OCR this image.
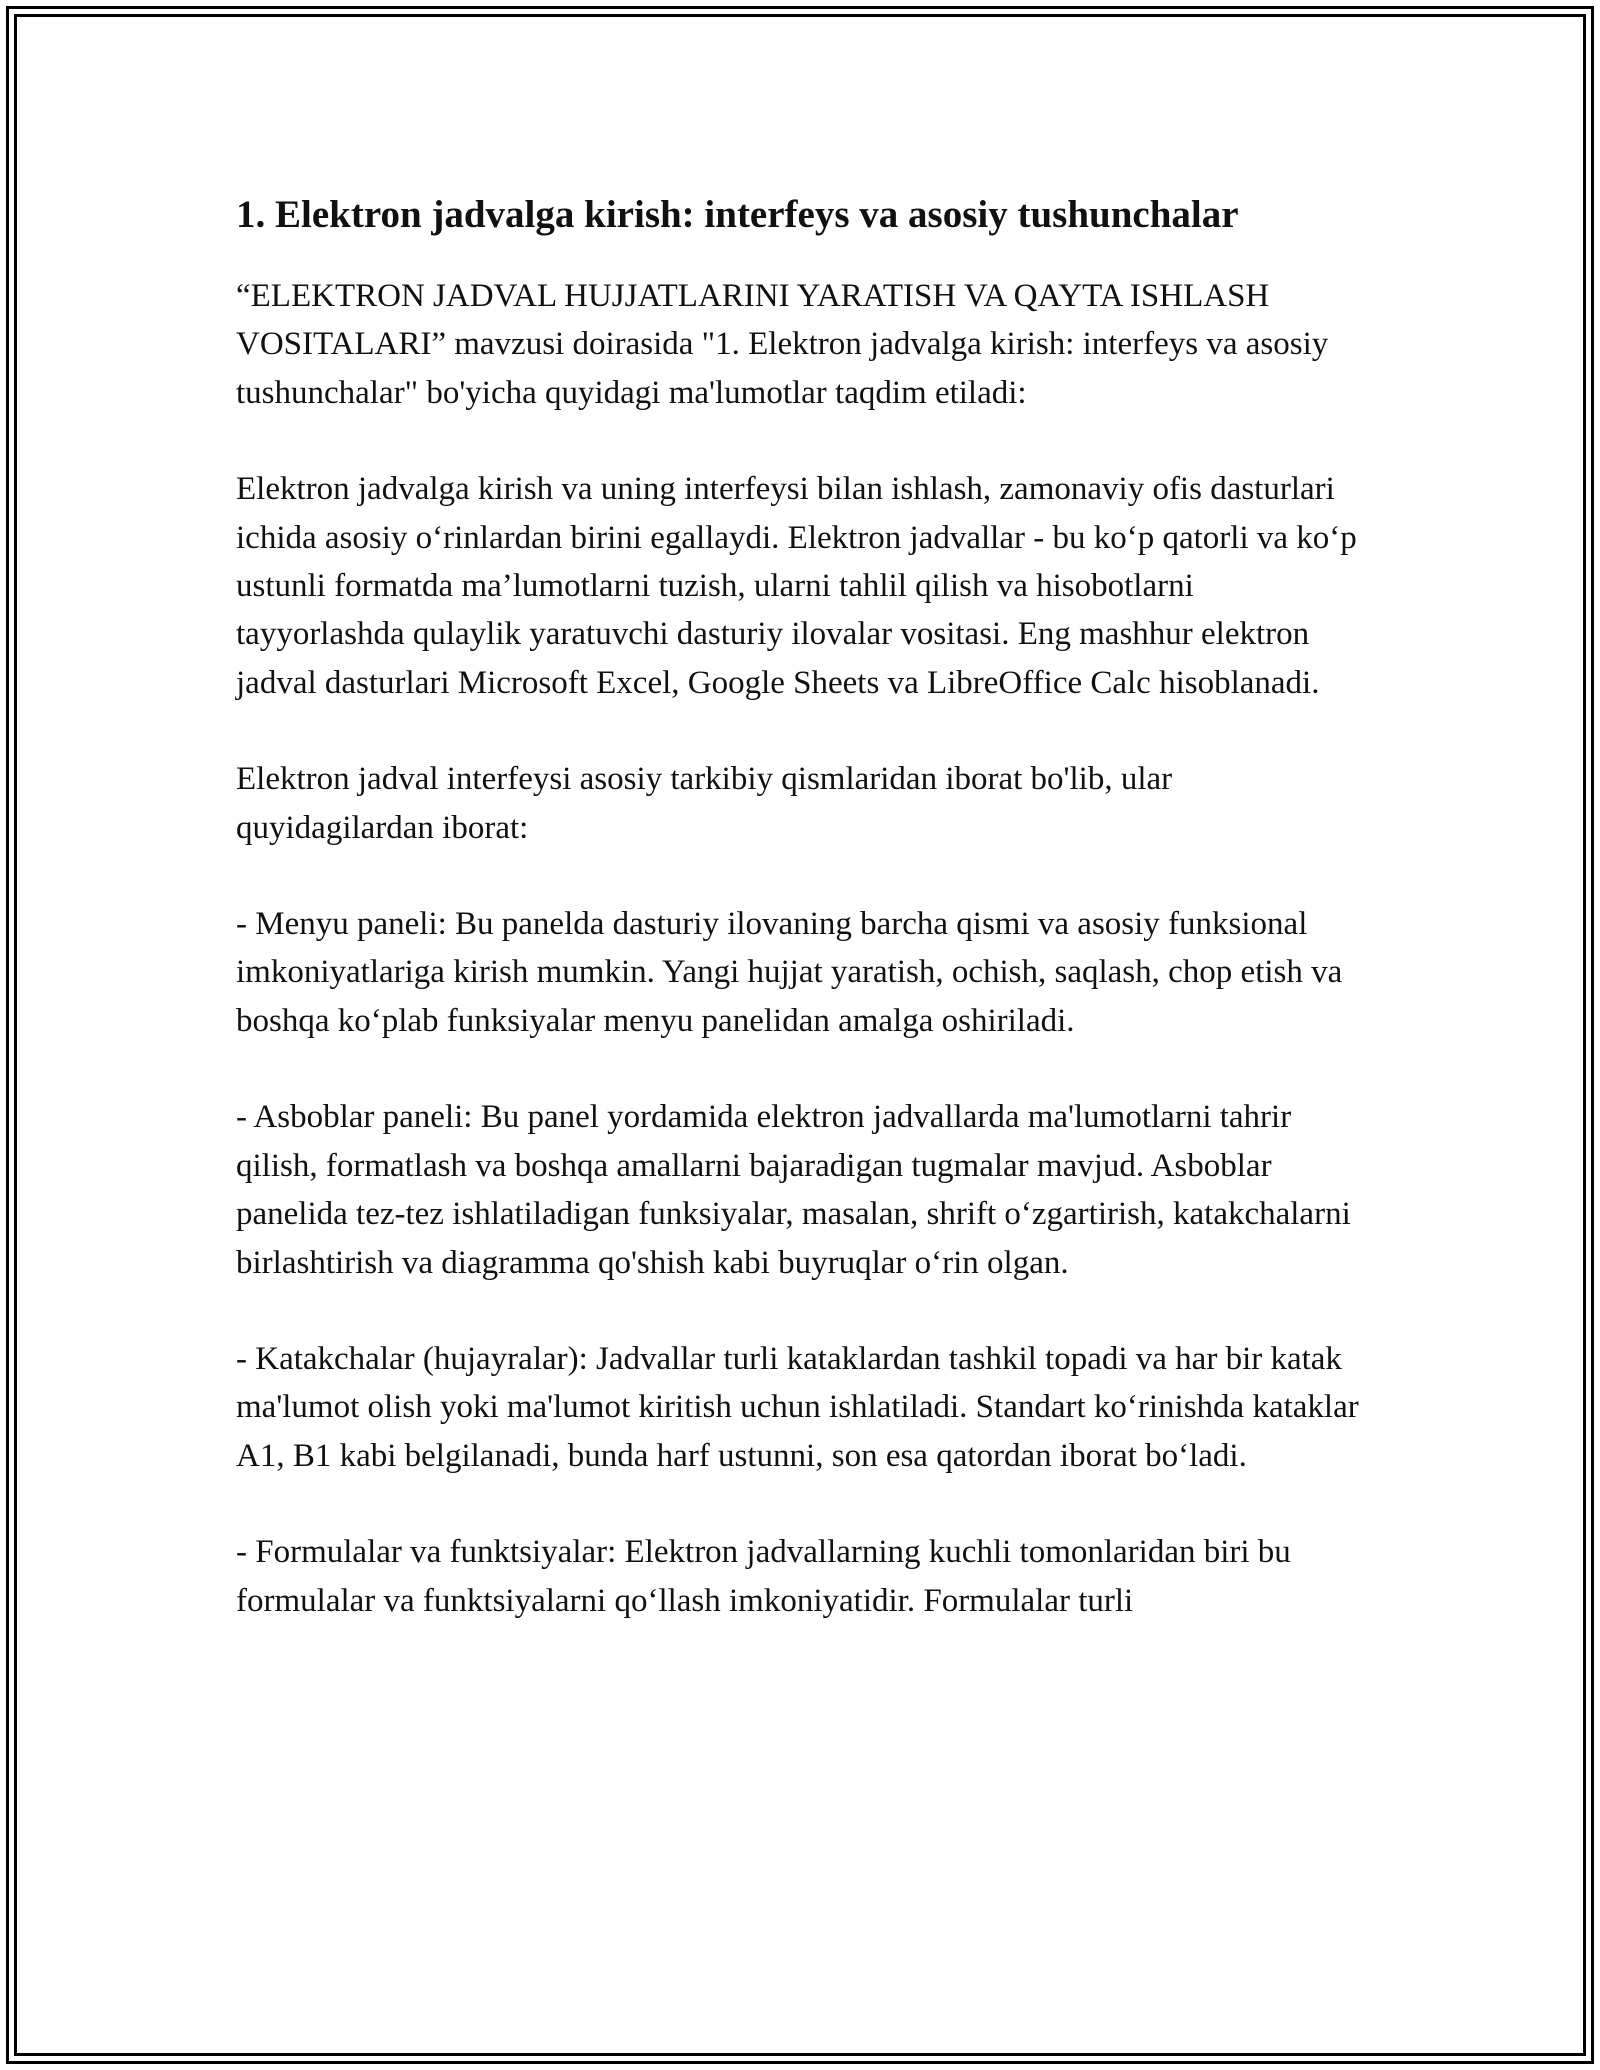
1. Elektron jadvalga kirish: interfeys va asosiy tushunchalar

“ELEKTRON JADVAL HUJJATLARINI YARATISH VA QAYTA ISHLASH VOSITALARI” mavzusi doirasida "1. Elektron jadvalga kirish: interfeys va asosiy tushunchalar" bo'yicha quyidagi ma'lumotlar taqdim etiladi:

Elektron jadvalga kirish va uning interfeysi bilan ishlash, zamonaviy ofis dasturlari ichida asosiy o‘rinlardan birini egallaydi. Elektron jadvallar - bu ko‘p qatorli va ko‘p ustunli formatda ma’lumotlarni tuzish, ularni tahlil qilish va hisobotlarni tayyorlashda qulaylik yaratuvchi dasturiy ilovalar vositasi. Eng mashhur elektron jadval dasturlari Microsoft Excel, Google Sheets va LibreOffice Calc hisoblanadi.

Elektron jadval interfeysi asosiy tarkibiy qismlaridan iborat bo'lib, ular quyidagilardan iborat:

- Menyu paneli: Bu panelda dasturiy ilovaning barcha qismi va asosiy funksional imkoniyatlariga kirish mumkin. Yangi hujjat yaratish, ochish, saqlash, chop etish va boshqa ko‘plab funksiyalar menyu panelidan amalga oshiriladi.

- Asboblar paneli: Bu panel yordamida elektron jadvallarda ma'lumotlarni tahrir qilish, formatlash va boshqa amallarni bajaradigan tugmalar mavjud. Asboblar panelida tez-tez ishlatiladigan funksiyalar, masalan, shrift o‘zgartirish, katakchalarni birlashtirish va diagramma qo'shish kabi buyruqlar o‘rin olgan.

- Katakchalar (hujayralar): Jadvallar turli kataklardan tashkil topadi va har bir katak ma'lumot olish yoki ma'lumot kiritish uchun ishlatiladi. Standart ko‘rinishda kataklar A1, B1 kabi belgilanadi, bunda harf ustunni, son esa qatordan iborat bo‘ladi.

- Formulalar va funktsiyalar: Elektron jadvallarning kuchli tomonlaridan biri bu formulalar va funktsiyalarni qo‘llash imkoniyatidir. Formulalar turli
